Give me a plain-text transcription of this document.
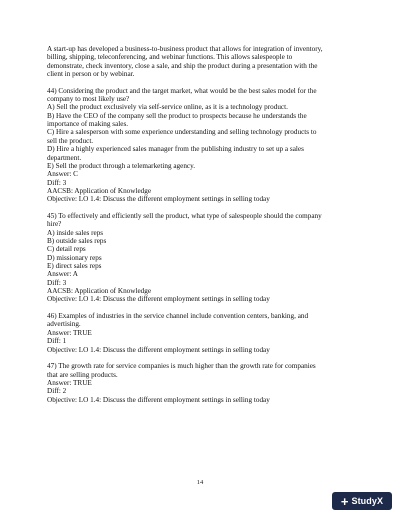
A start-up has developed a business-to-business product that allows for integration of inventory,
billing, shipping, teleconferencing, and webinar functions. This allows salespeople to
demonstrate, check inventory, close a sale, and ship the product during a presentation with the
client in person or by webinar.
44) Considering the product and the target market, what would be the best sales model for the
company to most likely use?
A) Sell the product exclusively via self-service online, as it is a technology product.
B) Have the CEO of the company sell the product to prospects because he understands the
importance of making sales.
C) Hire a salesperson with some experience understanding and selling technology products to
sell the product.
D) Hire a highly experienced sales manager from the publishing industry to set up a sales
department.
E) Sell the product through a telemarketing agency.
Answer: C
Diff: 3
AACSB: Application of Knowledge
Objective: LO 1.4: Discuss the different employment settings in selling today
45) To effectively and efficiently sell the product, what type of salespeople should the company
hire?
A) inside sales reps
B) outside sales reps
C) detail reps
D) missionary reps
E) direct sales reps
Answer: A
Diff: 3
AACSB: Application of Knowledge
Objective: LO 1.4: Discuss the different employment settings in selling today
46) Examples of industries in the service channel include convention centers, banking, and
advertising.
Answer: TRUE
Diff: 1
Objective: LO 1.4: Discuss the different employment settings in selling today
47) The growth rate for service companies is much higher than the growth rate for companies
that are selling products.
Answer: TRUE
Diff: 2
Objective: LO 1.4: Discuss the different employment settings in selling today
14
+ StudyX
